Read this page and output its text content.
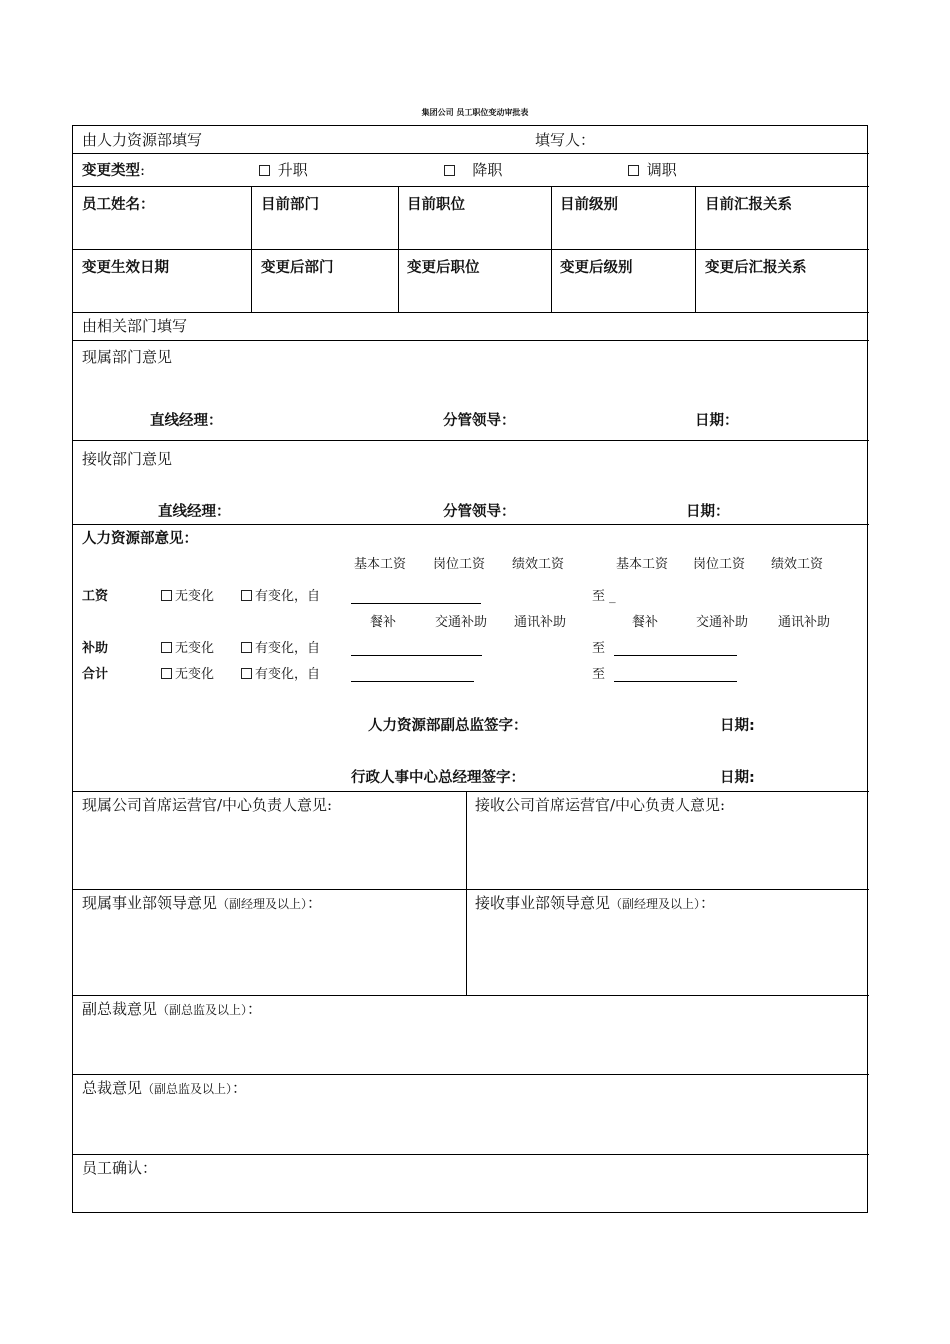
集团公司 员工职位变动审批表
由人力资源部填写	填写人：
变更类型:	升职	降职	调职
员工姓名：	目前部门	目前职位	目前级别	目前汇报关系
变更生效日期	变更后部门	变更后职位	变更后级别	变更后汇报关系
由相关部门填写
现属部门意见
直线经理：	分管领导：	日期：
接收部门意见
直线经理：	分管领导：	日期：
人力资源部意见：
基本工资 岗位工资 绩效工资	基本工资 岗位工资 绩效工资
工资	无变化	有变化，自	至 _
餐补	交通补助 通讯补助	餐补	交通补助 通讯补助
补助	无变化	有变化，自	至
合计	无变化	有变化，自	至
人力资源部副总监签字：	日期:
行政人事中心总经理签字：	日期:
现属公司首席运营官/中心负责人意见:	接收公司首席运营官/中心负责人意见:
现属事业部领导意见（副经理及以上）：	接收事业部领导意见（副经理及以上）：
副总裁意见（副总监及以上）：
总裁意见（副总监及以上）：
员工确认：
